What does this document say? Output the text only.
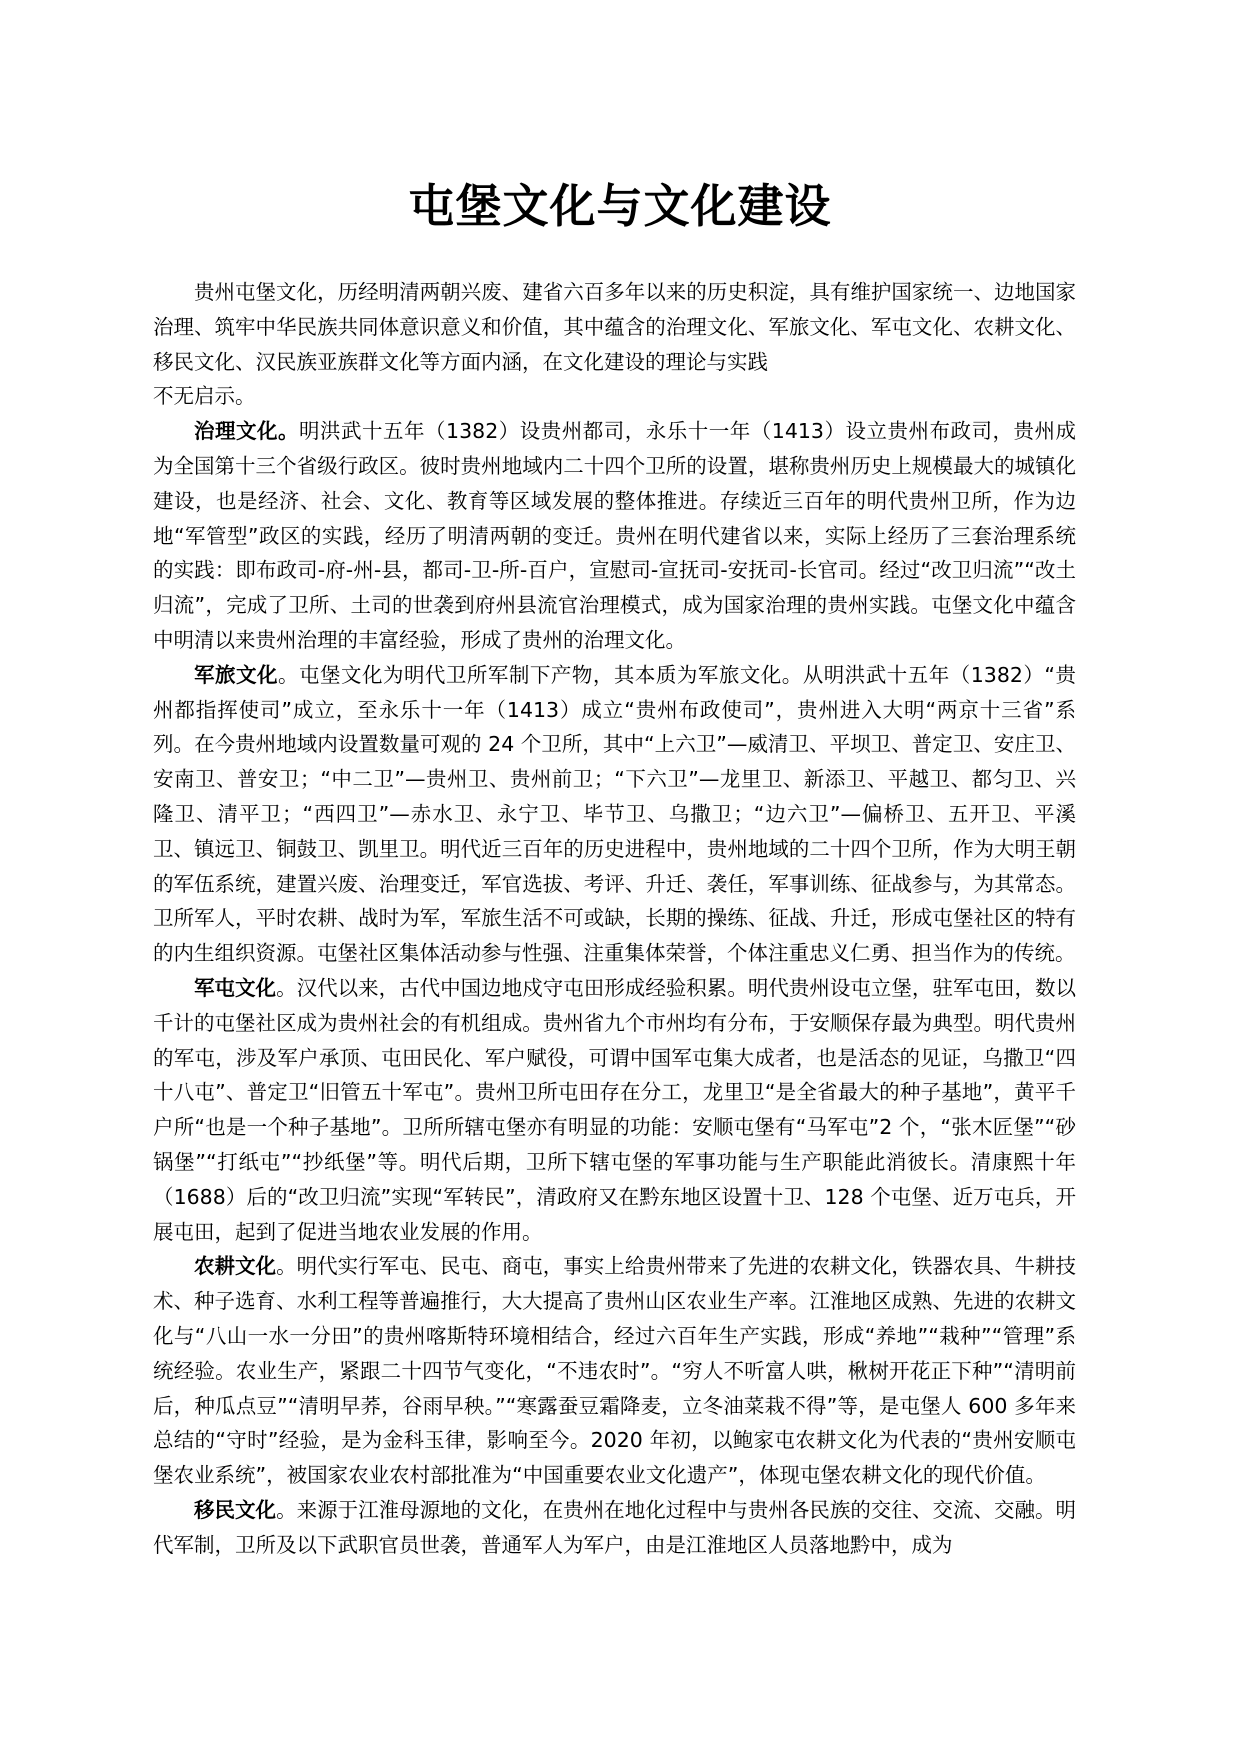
屯堡文化与文化建设

贵州屯堡文化，历经明清两朝兴废、建省六百多年以来的历史积淀，具有维护国家统一、边地国家治理、筑牢中华民族共同体意识意义和价值，其中蕴含的治理文化、军旅文化、军屯文化、农耕文化、移民文化、汉民族亚族群文化等方面内涵，在文化建设的理论与实践

不无启示。

治理文化。明洪武十五年（1382）设贵州都司，永乐十一年（1413）设立贵州布政司，贵州成为全国第十三个省级行政区。彼时贵州地域内二十四个卫所的设置，堪称贵州历史上规模最大的城镇化建设，也是经济、社会、文化、教育等区域发展的整体推进。存续近三百年的明代贵州卫所，作为边地“军管型”政区的实践，经历了明清两朝的变迁。贵州在明代建省以来，实际上经历了三套治理系统的实践：即布政司-府-州-县，都司-卫-所-百户，宣慰司-宣抚司-安抚司-长官司。经过“改卫归流”“改土归流”，完成了卫所、土司的世袭到府州县流官治理模式，成为国家治理的贵州实践。屯堡文化中蕴含中明清以来贵州治理的丰富经验，形成了贵州的治理文化。

军旅文化。屯堡文化为明代卫所军制下产物，其本质为军旅文化。从明洪武十五年（1382）“贵州都指挥使司”成立，至永乐十一年（1413）成立“贵州布政使司”，贵州进入大明“两京十三省”系列。在今贵州地域内设置数量可观的 24 个卫所，其中“上六卫”—威清卫、平坝卫、普定卫、安庄卫、安南卫、普安卫；“中二卫”—贵州卫、贵州前卫；“下六卫”—龙里卫、新添卫、平越卫、都匀卫、兴隆卫、清平卫；“西四卫”—赤水卫、永宁卫、毕节卫、乌撒卫；“边六卫”—偏桥卫、五开卫、平溪卫、镇远卫、铜鼓卫、凯里卫。明代近三百年的历史进程中，贵州地域的二十四个卫所，作为大明王朝的军伍系统，建置兴废、治理变迁，军官选拔、考评、升迁、袭任，军事训练、征战参与，为其常态。卫所军人，平时农耕、战时为军，军旅生活不可或缺，长期的操练、征战、升迁，形成屯堡社区的特有的内生组织资源。屯堡社区集体活动参与性强、注重集体荣誉，个体注重忠义仁勇、担当作为的传统。

军屯文化。汉代以来，古代中国边地戍守屯田形成经验积累。明代贵州设屯立堡，驻军屯田，数以千计的屯堡社区成为贵州社会的有机组成。贵州省九个市州均有分布，于安顺保存最为典型。明代贵州的军屯，涉及军户承顶、屯田民化、军户赋役，可谓中国军屯集大成者，也是活态的见证，乌撒卫“四十八屯”、普定卫“旧管五十军屯”。贵州卫所屯田存在分工，龙里卫“是全省最大的种子基地”，黄平千户所“也是一个种子基地”。卫所所辖屯堡亦有明显的功能：安顺屯堡有“马军屯”2 个，“张木匠堡”“砂锅堡”“打纸屯”“抄纸堡”等。明代后期，卫所下辖屯堡的军事功能与生产职能此消彼长。清康熙十年（1688）后的“改卫归流”实现“军转民”，清政府又在黔东地区设置十卫、128 个屯堡、近万屯兵，开展屯田，起到了促进当地农业发展的作用。

农耕文化。明代实行军屯、民屯、商屯，事实上给贵州带来了先进的农耕文化，铁器农具、牛耕技术、种子选育、水利工程等普遍推行，大大提高了贵州山区农业生产率。江淮地区成熟、先进的农耕文化与“八山一水一分田”的贵州喀斯特环境相结合，经过六百年生产实践，形成“养地”“栽种”“管理”系统经验。农业生产，紧跟二十四节气变化，“不违农时”。“穷人不听富人哄，楸树开花正下种”“清明前后，种瓜点豆”“清明早荞，谷雨早秧。”“寒露蚕豆霜降麦，立冬油菜栽不得”等，是屯堡人 600 多年来总结的“守时”经验，是为金科玉律，影响至今。2020 年初，以鲍家屯农耕文化为代表的“贵州安顺屯堡农业系统”，被国家农业农村部批准为“中国重要农业文化遗产”，体现屯堡农耕文化的现代价值。

移民文化。来源于江淮母源地的文化，在贵州在地化过程中与贵州各民族的交往、交流、交融。明代军制，卫所及以下武职官员世袭，普通军人为军户，由是江淮地区人员落地黔中，成为
